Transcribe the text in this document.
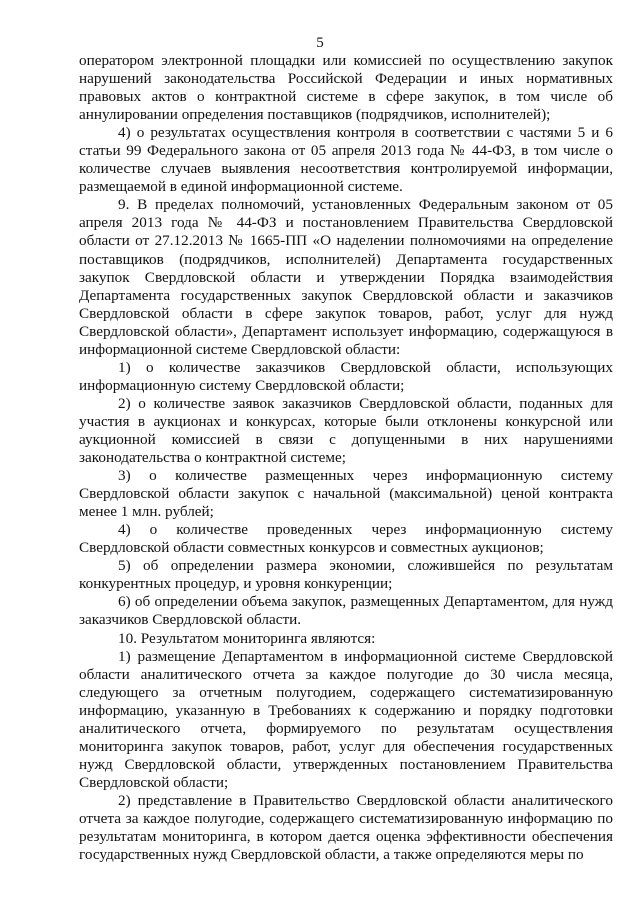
5

оператором электронной площадки или комиссией по осуществлению закупок нарушений законодательства Российской Федерации и иных нормативных правовых актов о контрактной системе в сфере закупок, в том числе об аннулировании определения поставщиков (подрядчиков, исполнителей);

4) о результатах осуществления контроля в соответствии с частями 5 и 6 статьи 99 Федерального закона от 05 апреля 2013 года № 44-ФЗ, в том числе о количестве случаев выявления несоответствия контролируемой информации, размещаемой в единой информационной системе.

9. В пределах полномочий, установленных Федеральным законом от 05 апреля 2013 года № 44-ФЗ и постановлением Правительства Свердловской области от 27.12.2013 № 1665-ПП «О наделении полномочиями на определение поставщиков (подрядчиков, исполнителей) Департамента государственных закупок Свердловской области и утверждении Порядка взаимодействия Департамента государственных закупок Свердловской области и заказчиков Свердловской области в сфере закупок товаров, работ, услуг для нужд Свердловской области», Департамент использует информацию, содержащуюся в информационной системе Свердловской области:

1) о количестве заказчиков Свердловской области, использующих информационную систему Свердловской области;

2) о количестве заявок заказчиков Свердловской области, поданных для участия в аукционах и конкурсах, которые были отклонены конкурсной или аукционной комиссией в связи с допущенными в них нарушениями законодательства о контрактной системе;

3) о количестве размещенных через информационную систему Свердловской области закупок с начальной (максимальной) ценой контракта менее 1 млн. рублей;

4) о количестве проведенных через информационную систему Свердловской области совместных конкурсов и совместных аукционов;

5) об определении размера экономии, сложившейся по результатам конкурентных процедур, и уровня конкуренции;

6) об определении объема закупок, размещенных Департаментом, для нужд заказчиков Свердловской области.

10. Результатом мониторинга являются:

1) размещение Департаментом в информационной системе Свердловской области аналитического отчета за каждое полугодие до 30 числа месяца, следующего за отчетным полугодием, содержащего систематизированную информацию, указанную в Требованиях к содержанию и порядку подготовки аналитического отчета, формируемого по результатам осуществления мониторинга закупок товаров, работ, услуг для обеспечения государственных нужд Свердловской области, утвержденных постановлением Правительства Свердловской области;

2) представление в Правительство Свердловской области аналитического отчета за каждое полугодие, содержащего систематизированную информацию по результатам мониторинга, в котором дается оценка эффективности обеспечения государственных нужд Свердловской области, а также определяются меры по
